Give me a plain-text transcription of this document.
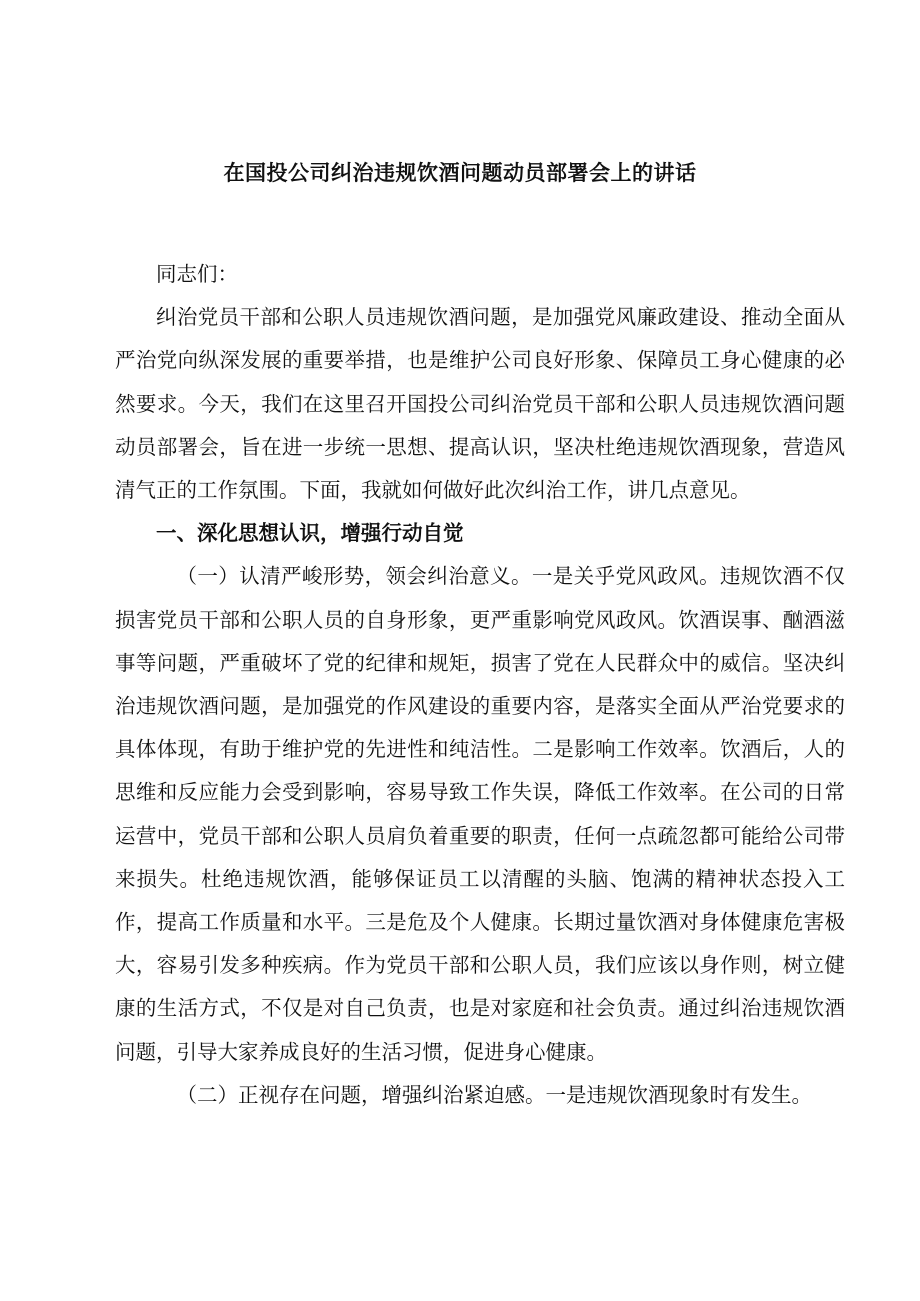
在国投公司纠治违规饮酒问题动员部署会上的讲话

同志们：

纠治党员干部和公职人员违规饮酒问题，是加强党风廉政建设、推动全面从严治党向纵深发展的重要举措，也是维护公司良好形象、保障员工身心健康的必然要求。今天，我们在这里召开国投公司纠治党员干部和公职人员违规饮酒问题动员部署会，旨在进一步统一思想、提高认识，坚决杜绝违规饮酒现象，营造风清气正的工作氛围。下面，我就如何做好此次纠治工作，讲几点意见。

一、深化思想认识，增强行动自觉

（一）认清严峻形势，领会纠治意义。一是关乎党风政风。违规饮酒不仅损害党员干部和公职人员的自身形象，更严重影响党风政风。饮酒误事、酗酒滋事等问题，严重破坏了党的纪律和规矩，损害了党在人民群众中的威信。坚决纠治违规饮酒问题，是加强党的作风建设的重要内容，是落实全面从严治党要求的具体体现，有助于维护党的先进性和纯洁性。二是影响工作效率。饮酒后，人的思维和反应能力会受到影响，容易导致工作失误，降低工作效率。在公司的日常运营中，党员干部和公职人员肩负着重要的职责，任何一点疏忽都可能给公司带来损失。杜绝违规饮酒，能够保证员工以清醒的头脑、饱满的精神状态投入工作，提高工作质量和水平。三是危及个人健康。长期过量饮酒对身体健康危害极大，容易引发多种疾病。作为党员干部和公职人员，我们应该以身作则，树立健康的生活方式，不仅是对自己负责，也是对家庭和社会负责。通过纠治违规饮酒问题，引导大家养成良好的生活习惯，促进身心健康。

（二）正视存在问题，增强纠治紧迫感。一是违规饮酒现象时有发生。
